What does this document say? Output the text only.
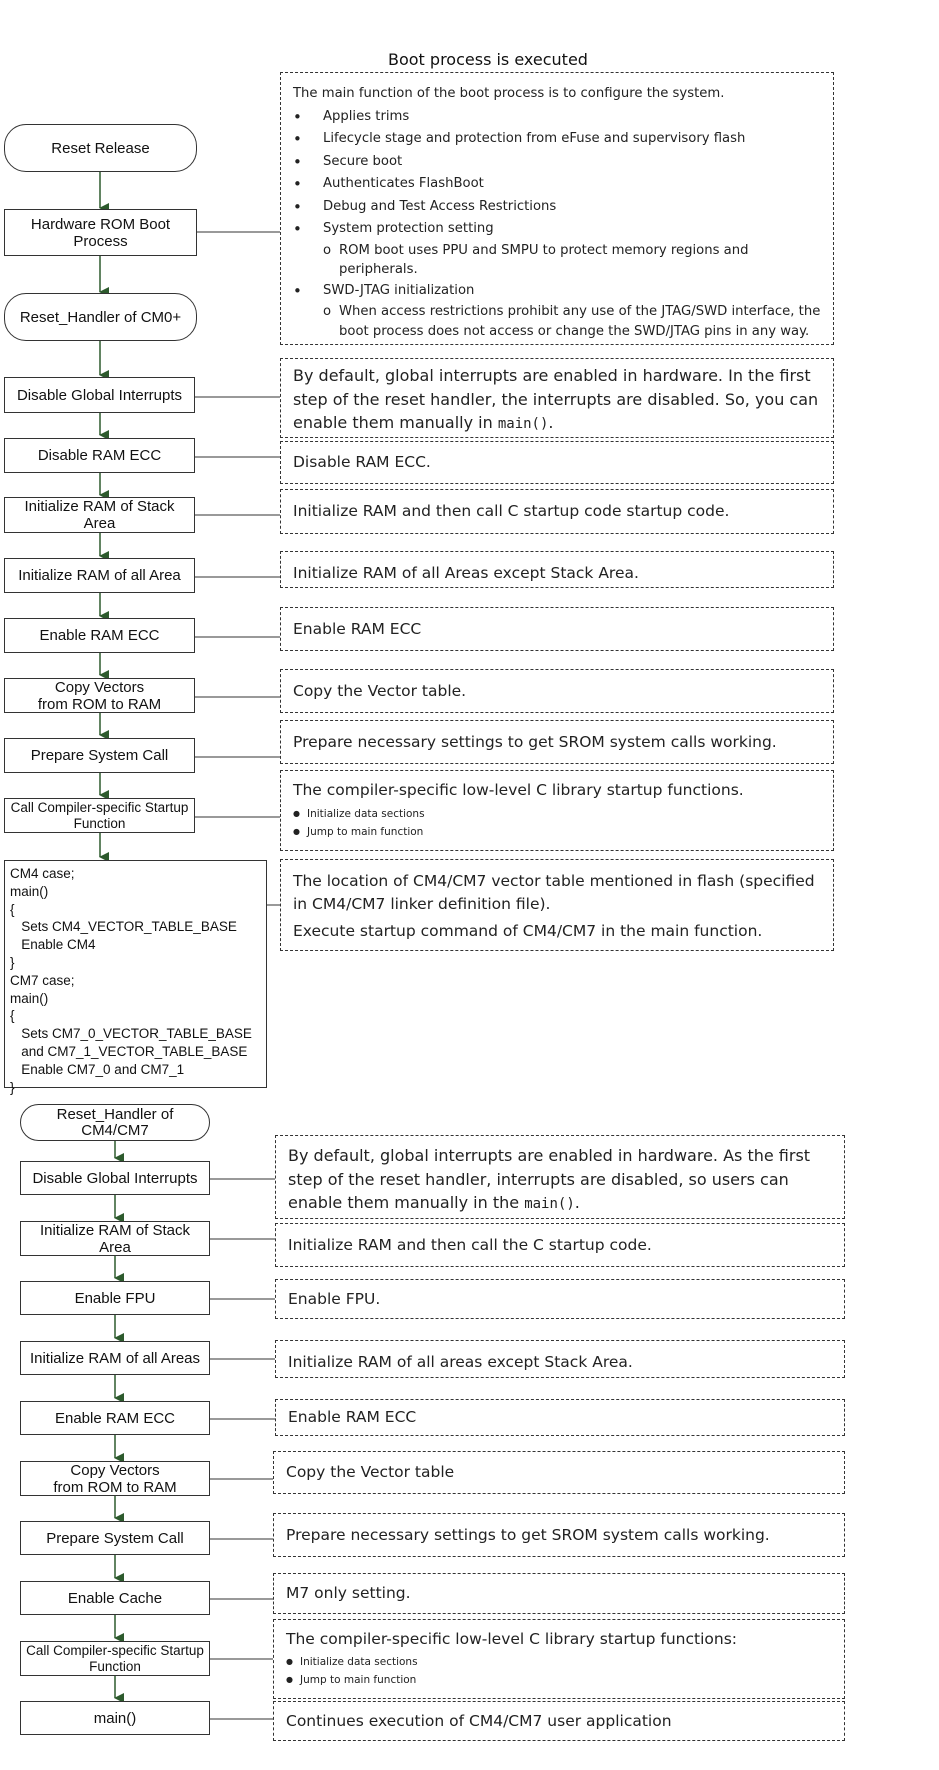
Boot process is executed
The main function of the boot process is to configure the system.
• Applies trims
• Lifecycle stage and protection from eFuse and supervisory flash
• Secure boot
• Authenticates FlashBoot
• Debug and Test Access Restrictions
• System protection setting
o ROM boot uses PPU and SMPU to protect memory regions and peripherals.
• SWD-JTAG initialization
o When access restrictions prohibit any use of the JTAG/SWD interface, the boot process does not access or change the SWD/JTAG pins in any way.
Reset Release
Hardware ROM Boot
Process
Reset_Handler of CM0+
Disable Global Interrupts
Disable RAM ECC
Initialize RAM of Stack
Area
Initialize RAM of all Area
Enable RAM ECC
Copy Vectors
from ROM to RAM
Prepare System Call
Call Compiler-specific Startup
Function
CM4 case;
main()
{
Sets CM4_VECTOR_TABLE_BASE
Enable CM4
}
CM7 case;
main()
{
Sets CM7_0_VECTOR_TABLE_BASE
and CM7_1_VECTOR_TABLE_BASE
Enable CM7_0 and CM7_1
}
By default, global interrupts are enabled in hardware. In the first step of the reset handler, the interrupts are disabled. So, you can enable them manually in main().
Disable RAM ECC.
Initialize RAM and then call C startup code startup code.
Initialize RAM of all Areas except Stack Area.
Enable RAM ECC
Copy the Vector table.
Prepare necessary settings to get SROM system calls working.
The compiler-specific low-level C library startup functions.
● Initialize data sections
● Jump to main function
The location of CM4/CM7 vector table mentioned in flash (specified in CM4/CM7 linker definition file).
Execute startup command of CM4/CM7 in the main function.
Reset_Handler of
CM4/CM7
Disable Global Interrupts
Initialize RAM of Stack
Area
Enable FPU
Initialize RAM of all Areas
Enable RAM ECC
Copy Vectors
from ROM to RAM
Prepare System Call
Enable Cache
Call Compiler-specific Startup
Function
main()
By default, global interrupts are enabled in hardware. As the first step of the reset handler, interrupts are disabled, so users can enable them manually in the main().
Initialize RAM and then call the C startup code.
Enable FPU.
Initialize RAM of all areas except Stack Area.
Enable RAM ECC
Copy the Vector table
Prepare necessary settings to get SROM system calls working.
M7 only setting.
The compiler-specific low-level C library startup functions:
● Initialize data sections
● Jump to main function
Continues execution of CM4/CM7 user application
